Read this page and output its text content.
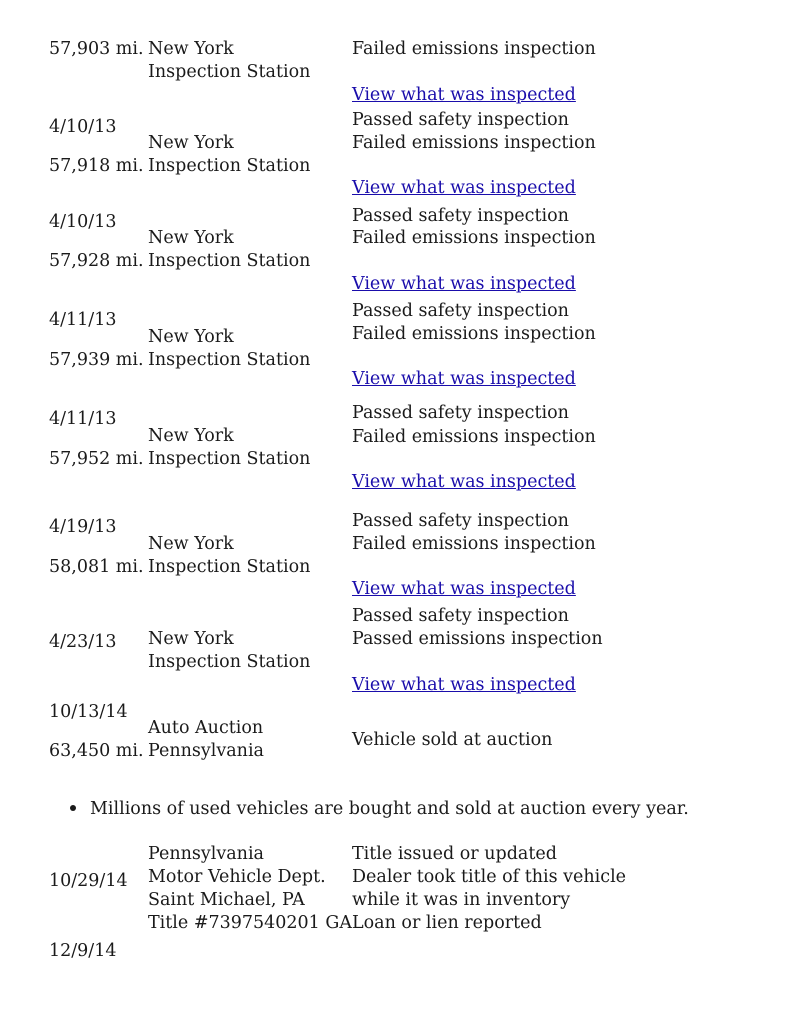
57,903 mi. New York
Inspection Station
Failed emissions inspection
View what was inspected
4/10/13
57,918 mi.
New York
Inspection Station
Passed safety inspection
Failed emissions inspection
View what was inspected
4/10/13
57,928 mi.
New York
Inspection Station
Passed safety inspection
Failed emissions inspection
View what was inspected
4/11/13
57,939 mi.
New York
Inspection Station
Passed safety inspection
Failed emissions inspection
View what was inspected
4/11/13
57,952 mi.
New York
Inspection Station
Passed safety inspection
Failed emissions inspection
View what was inspected
4/19/13
58,081 mi.
New York
Inspection Station
Passed safety inspection
Failed emissions inspection
View what was inspected
4/23/13 New York
Inspection Station
Passed safety inspection
Passed emissions inspection
View what was inspected
10/13/14
63,450 mi.
Auto Auction
Pennsylvania
Vehicle sold at auction
Millions of used vehicles are bought and sold at auction every year.
10/29/14
Pennsylvania
Motor Vehicle Dept.
Saint Michael, PA
Title #7397540201 GA
Title issued or updated
Dealer took title of this vehicle
while it was in inventory
Loan or lien reported
12/9/14
